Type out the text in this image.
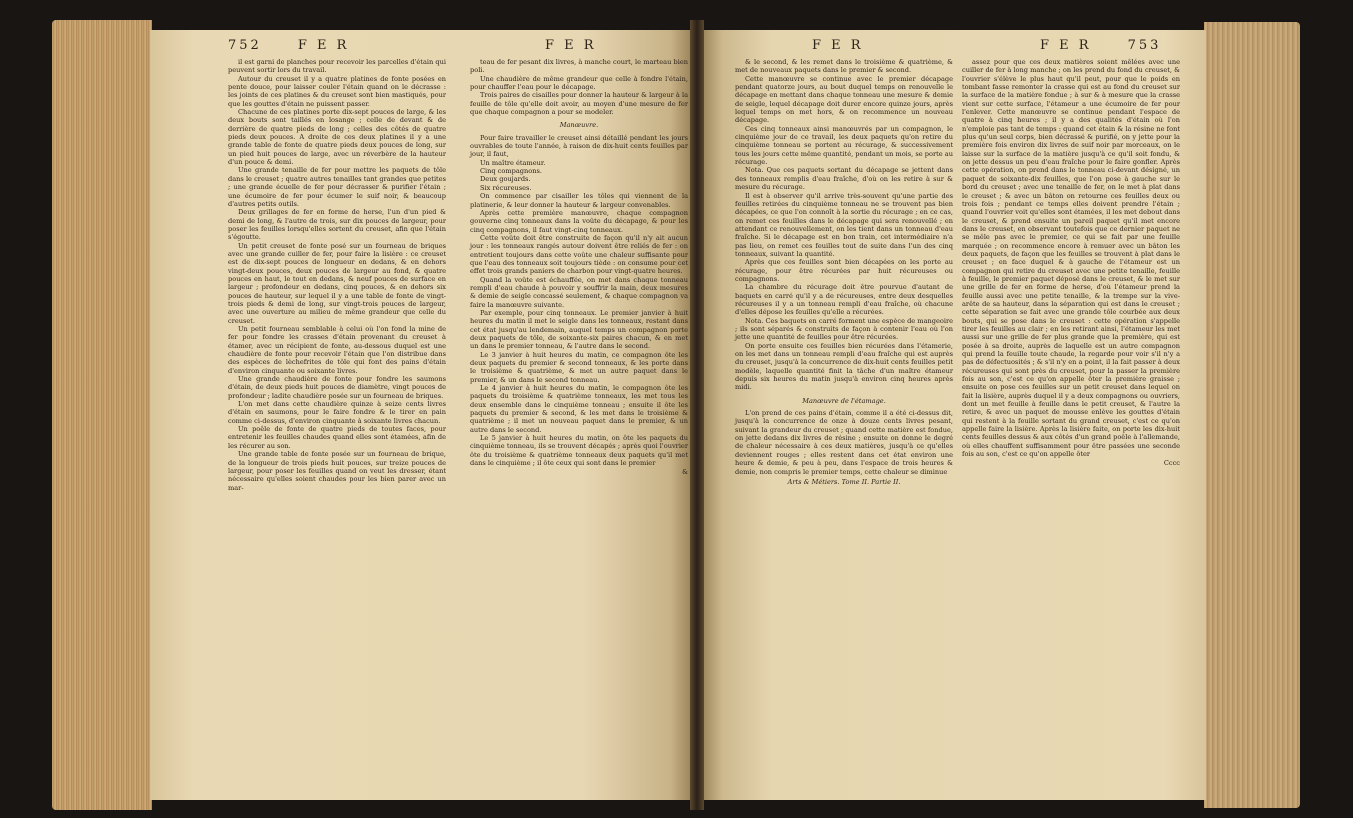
752	F E R	F E R	F E R	F E R	753

il est garni de planches pour recevoir les parcelles d'étain qui peuvent sortir lors du travail.

Autour du creuset il y a quatre platines de fonte posées en pente douce, pour laisser couler l'étain quand on le décrasse : les joints de ces platines & du creuset sont bien mastiqués, pour que les gouttes d'étain ne puissent passer.

Chacune de ces platines porte dix-sept pouces de large, & les deux bouts sont taillés en losange ; celle de devant & de derrière de quatre pieds de long ; celles des côtés de quatre pieds deux pouces. A droite de ces deux platines il y a une grande table de fonte de quatre pieds deux pouces de long, sur un pied huit pouces de large, avec un réverbère de la hauteur d'un pouce & demi.

Une grande tenaille de fer pour mettre les paquets de tôle dans le creuset ; quatre autres tenailles tant grandes que petites ; une grande écuelle de fer pour décrasser & purifier l'étain ; une écumoire de fer pour écumer le suif noir, & beaucoup d'autres petits outils.

Deux grillages de fer en forme de herse, l'un d'un pied & demi de long, & l'autre de trois, sur dix pouces de largeur, pour poser les feuilles lorsqu'elles sortent du creuset, afin que l'étain s'égoutte.

Un petit creuset de fonte posé sur un fourneau de briques avec une grande cuiller de fer, pour faire la lisière : ce creuset est de dix-sept pouces de longueur en dedans, & en dehors vingt-deux pouces, deux pouces de largeur au fond, & quatre pouces en haut, le tout en dedans, & neuf pouces de surface en largeur ; profondeur en dedans, cinq pouces, & en dehors six pouces de hauteur, sur lequel il y a une table de fonte de vingt-trois pieds & demi de long, sur vingt-trois pouces de largeur, avec une ouverture au milieu de même grandeur que celle du creuset.

Un petit fourneau semblable à celui où l'on fond la mine de fer pour fondre les crasses d'étain provenant du creuset à étamer, avec un récipient de fonte, au-dessous duquel est une chaudière de fonte pour recevoir l'étain que l'on distribue dans des espèces de lèchefrites de tôle qui font des pains d'étain d'environ cinquante ou soixante livres.

Une grande chaudière de fonte pour fondre les saumons d'étain, de deux pieds huit pouces de diamètre, vingt pouces de profondeur ; ladite chaudière posée sur un fourneau de briques.

L'on met dans cette chaudière quinze à seize cents livres d'étain en saumons, pour le faire fondre & le tirer en pain comme ci-dessus, d'environ cinquante à soixante livres chacun.

Un poêle de fonte de quatre pieds de toutes faces, pour entretenir les feuilles chaudes quand elles sont étamées, afin de les récurer au son.

Une grande table de fonte posée sur un fourneau de brique, de la longueur de trois pieds huit pouces, sur treize pouces de largeur, pour poser les feuilles quand on veut les dresser, étant nécessaire qu'elles soient chaudes pour les bien parer avec un mar-

teau de fer pesant dix livres, à manche court, le marteau bien poli.

Une chaudière de même grandeur que celle à fondre l'étain, pour chauffer l'eau pour le décapage.

Trois paires de cisailles pour donner la hauteur & largeur à la feuille de tôle qu'elle doit avoir, au moyen d'une mesure de fer que chaque compagnon a pour se modeler.

Manœuvre.

Pour faire travailler le creuset ainsi détaillé pendant les jours ouvrables de toute l'année, à raison de dix-huit cents feuilles par jour, il faut,

Un maître étameur.

Cinq compagnons.

Deux goujards.

Six récureuses.

On commence par cisailler les tôles qui viennent de la platinerie, & leur donner la hauteur & largeur convenables.

Après cette première manœuvre, chaque compagnon gouverne cinq tonneaux dans la voûte du décapage, & pour les cinq compagnons, il faut vingt-cinq tonneaux.

Cette voûte doit être construite de façon qu'il n'y ait aucun jour : les tonneaux rangés autour doivent être reliés de fer : on entretient toujours dans cette voûte une chaleur suffisante pour que l'eau des tonneaux soit toujours tiède : on consume pour cet effet trois grands paniers de charbon pour vingt-quatre heures.

Quand la voûte est échauffée, on met dans chaque tonneau rempli d'eau chaude à pouvoir y souffrir la main, deux mesures & demie de seigle concassé seulement, & chaque compagnon va faire la manœuvre suivante.

Par exemple, pour cinq tonneaux. Le premier janvier à huit heures du matin il met le seigle dans les tonneaux, restant dans cet état jusqu'au lendemain, auquel temps un compagnon porte deux paquets de tôle, de soixante-six paires chacun, & en met un dans le premier tonneau, & l'autre dans le second.

Le 3 janvier à huit heures du matin, ce compagnon ôte les deux paquets du premier & second tonneaux, & les porte dans le troisième & quatrième, & met un autre paquet dans le premier, & un dans le second tonneau.

Le 4 janvier à huit heures du matin, le compagnon ôte les paquets du troisième & quatrième tonneaux, les met tous les deux ensemble dans le cinquième tonneau ; ensuite il ôte les paquets du premier & second, & les met dans le troisième & quatrième ; il met un nouveau paquet dans le premier, & un autre dans le second.

Le 5 janvier à huit heures du matin, on ôte les paquets du cinquième tonneau, ils se trouvent décapés ; après quoi l'ouvrier ôte du troisième & quatrième tonneaux deux paquets qu'il met dans le cinquième ; il ôte ceux qui sont dans le premier

&

& le second, & les remet dans le troisième & quatrième, & met de nouveaux paquets dans le premier & second.

Cette manœuvre se continue avec le premier décapage pendant quatorze jours, au bout duquel temps on renouvelle le décapage en mettant dans chaque tonneau une mesure & demie de seigle, lequel décapage doit durer encore quinze jours, après lequel temps on met hors, & on recommence un nouveau décapage.

Ces cinq tonneaux ainsi manœuvrés par un compagnon, le cinquième jour de ce travail, les deux paquets qu'on retire du cinquième tonneau se portent au récurage, & successivement tous les jours cette même quantité, pendant un mois, se porte au récurage.

Nota. Que ces paquets sortant du décapage se jettent dans des tonneaux remplis d'eau fraîche, d'où on les retire à sur & mesure du récurage.

Il est à observer qu'il arrive très-souvent qu'une partie des feuilles retirées du cinquième tonneau ne se trouvent pas bien décapées, ce que l'on connoît à la sortie du récurage ; en ce cas, on remet ces feuilles dans le décapage qui sera renouvellé ; en attendant ce renouvellement, on les tient dans un tonneau d'eau fraîche. Si le décapage est en bon train, cet intermédiaire n'a pas lieu, on remet ces feuilles tout de suite dans l'un des cinq tonneaux, suivant la quantité.

Après que ces feuilles sont bien décapées on les porte au récurage, pour être récurées par huit récureuses ou compagnons.

La chambre du récurage doit être pourvue d'autant de baquets en carré qu'il y a de récureuses, entre deux desquelles récureuses il y a un tonneau rempli d'eau fraîche, où chacune d'elles dépose les feuilles qu'elle a récurées.

Nota. Ces baquets en carré forment une espèce de mangeoire ; ils sont séparés & construits de façon à contenir l'eau où l'on jette une quantité de feuilles pour être récurées.

On porte ensuite ces feuilles bien récurées dans l'étamerie, on les met dans un tonneau rempli d'eau fraîche qui est auprès du creuset, jusqu'à la concurrence de dix-huit cents feuilles petit modèle, laquelle quantité finit la tâche d'un maître étameur depuis six heures du matin jusqu'à environ cinq heures après midi.

Manœuvre de l'étamage.

L'on prend de ces pains d'étain, comme il a été ci-dessus dit, jusqu'à la concurrence de onze à douze cents livres pesant, suivant la grandeur du creuset ; quand cette matière est fondue, on jette dedans dix livres de résine ; ensuite on donne le degré de chaleur nécessaire à ces deux matières, jusqu'à ce qu'elles deviennent rouges ; elles restent dans cet état environ une heure & demie, & peu à peu, dans l'espace de trois heures & demie, non compris le premier temps, cette chaleur se diminue

Arts & Métiers. Tome II. Partie II.

assez pour que ces deux matières soient mêlées avec une cuiller de fer à long manche ; on les prend du fond du creuset, & l'ouvrier s'élève le plus haut qu'il peut, pour que le poids en tombant fasse remonter la crasse qui est au fond du creuset sur la surface de la matière fondue ; à sur & à mesure que la crasse vient sur cette surface, l'étameur a une écumoire de fer pour l'enlever. Cette manœuvre se continue pendant l'espace de quatre à cinq heures ; il y a des qualités d'étain où l'on n'emploie pas tant de temps : quand cet étain & la résine ne font plus qu'un seul corps, bien décrassé & purifié, on y jette pour la première fois environ dix livres de suif noir par morceaux, on le laisse sur la surface de la matière jusqu'à ce qu'il soit fondu, & on jette dessus un peu d'eau fraîche pour le faire gonfler. Après cette opération, on prend dans le tonneau ci-devant désigné, un paquet de soixante-dix feuilles, que l'on pose à gauche sur le bord du creuset ; avec une tenaille de fer, on le met à plat dans le creuset ; & avec un bâton on retourne ces feuilles deux ou trois fois ; pendant ce temps elles doivent prendre l'étain ; quand l'ouvrier voit qu'elles sont étamées, il les met debout dans le creuset, & prend ensuite un pareil paquet qu'il met encore dans le creuset, en observant toutefois que ce dernier paquet ne se mêle pas avec le premier, ce qui se fait par une feuille marquée ; on recommence encore à remuer avec un bâton les deux paquets, de façon que les feuilles se trouvent à plat dans le creuset ; en face duquel & à gauche de l'étameur est un compagnon qui retire du creuset avec une petite tenaille, feuille à feuille, le premier paquet déposé dans le creuset, & le met sur une grille de fer en forme de herse, d'où l'étameur prend la feuille aussi avec une petite tenaille, & la trempe sur la vive-arête de sa hauteur, dans la séparation qui est dans le creuset ; cette séparation se fait avec une grande tôle courbée aux deux bouts, qui se pose dans le creuset : cette opération s'appelle tirer les feuilles au clair ; en les retirant ainsi, l'étameur les met aussi sur une grille de fer plus grande que la première, qui est posée à sa droite, auprès de laquelle est un autre compagnon qui prend la feuille toute chaude, la regarde pour voir s'il n'y a pas de défectuosités ; & s'il n'y en a point, il la fait passer à deux récureuses qui sont près du creuset, pour la passer la première fois au son, c'est ce qu'on appelle ôter la première graisse ; ensuite on pose ces feuilles sur un petit creuset dans lequel on fait la lisière, auprès duquel il y a deux compagnons ou ouvriers, dont un met feuille à feuille dans le petit creuset, & l'autre la retire, & avec un paquet de mousse enlève les gouttes d'étain qui restent à la feuille sortant du grand creuset, c'est ce qu'on appelle faire la lisière. Après la lisière faite, on porte les dix-huit cents feuilles dessus & aux côtés d'un grand poêle à l'allemande, où elles chauffent suffisamment pour être passées une seconde fois au son, c'est ce qu'on appelle ôter

Cccc
